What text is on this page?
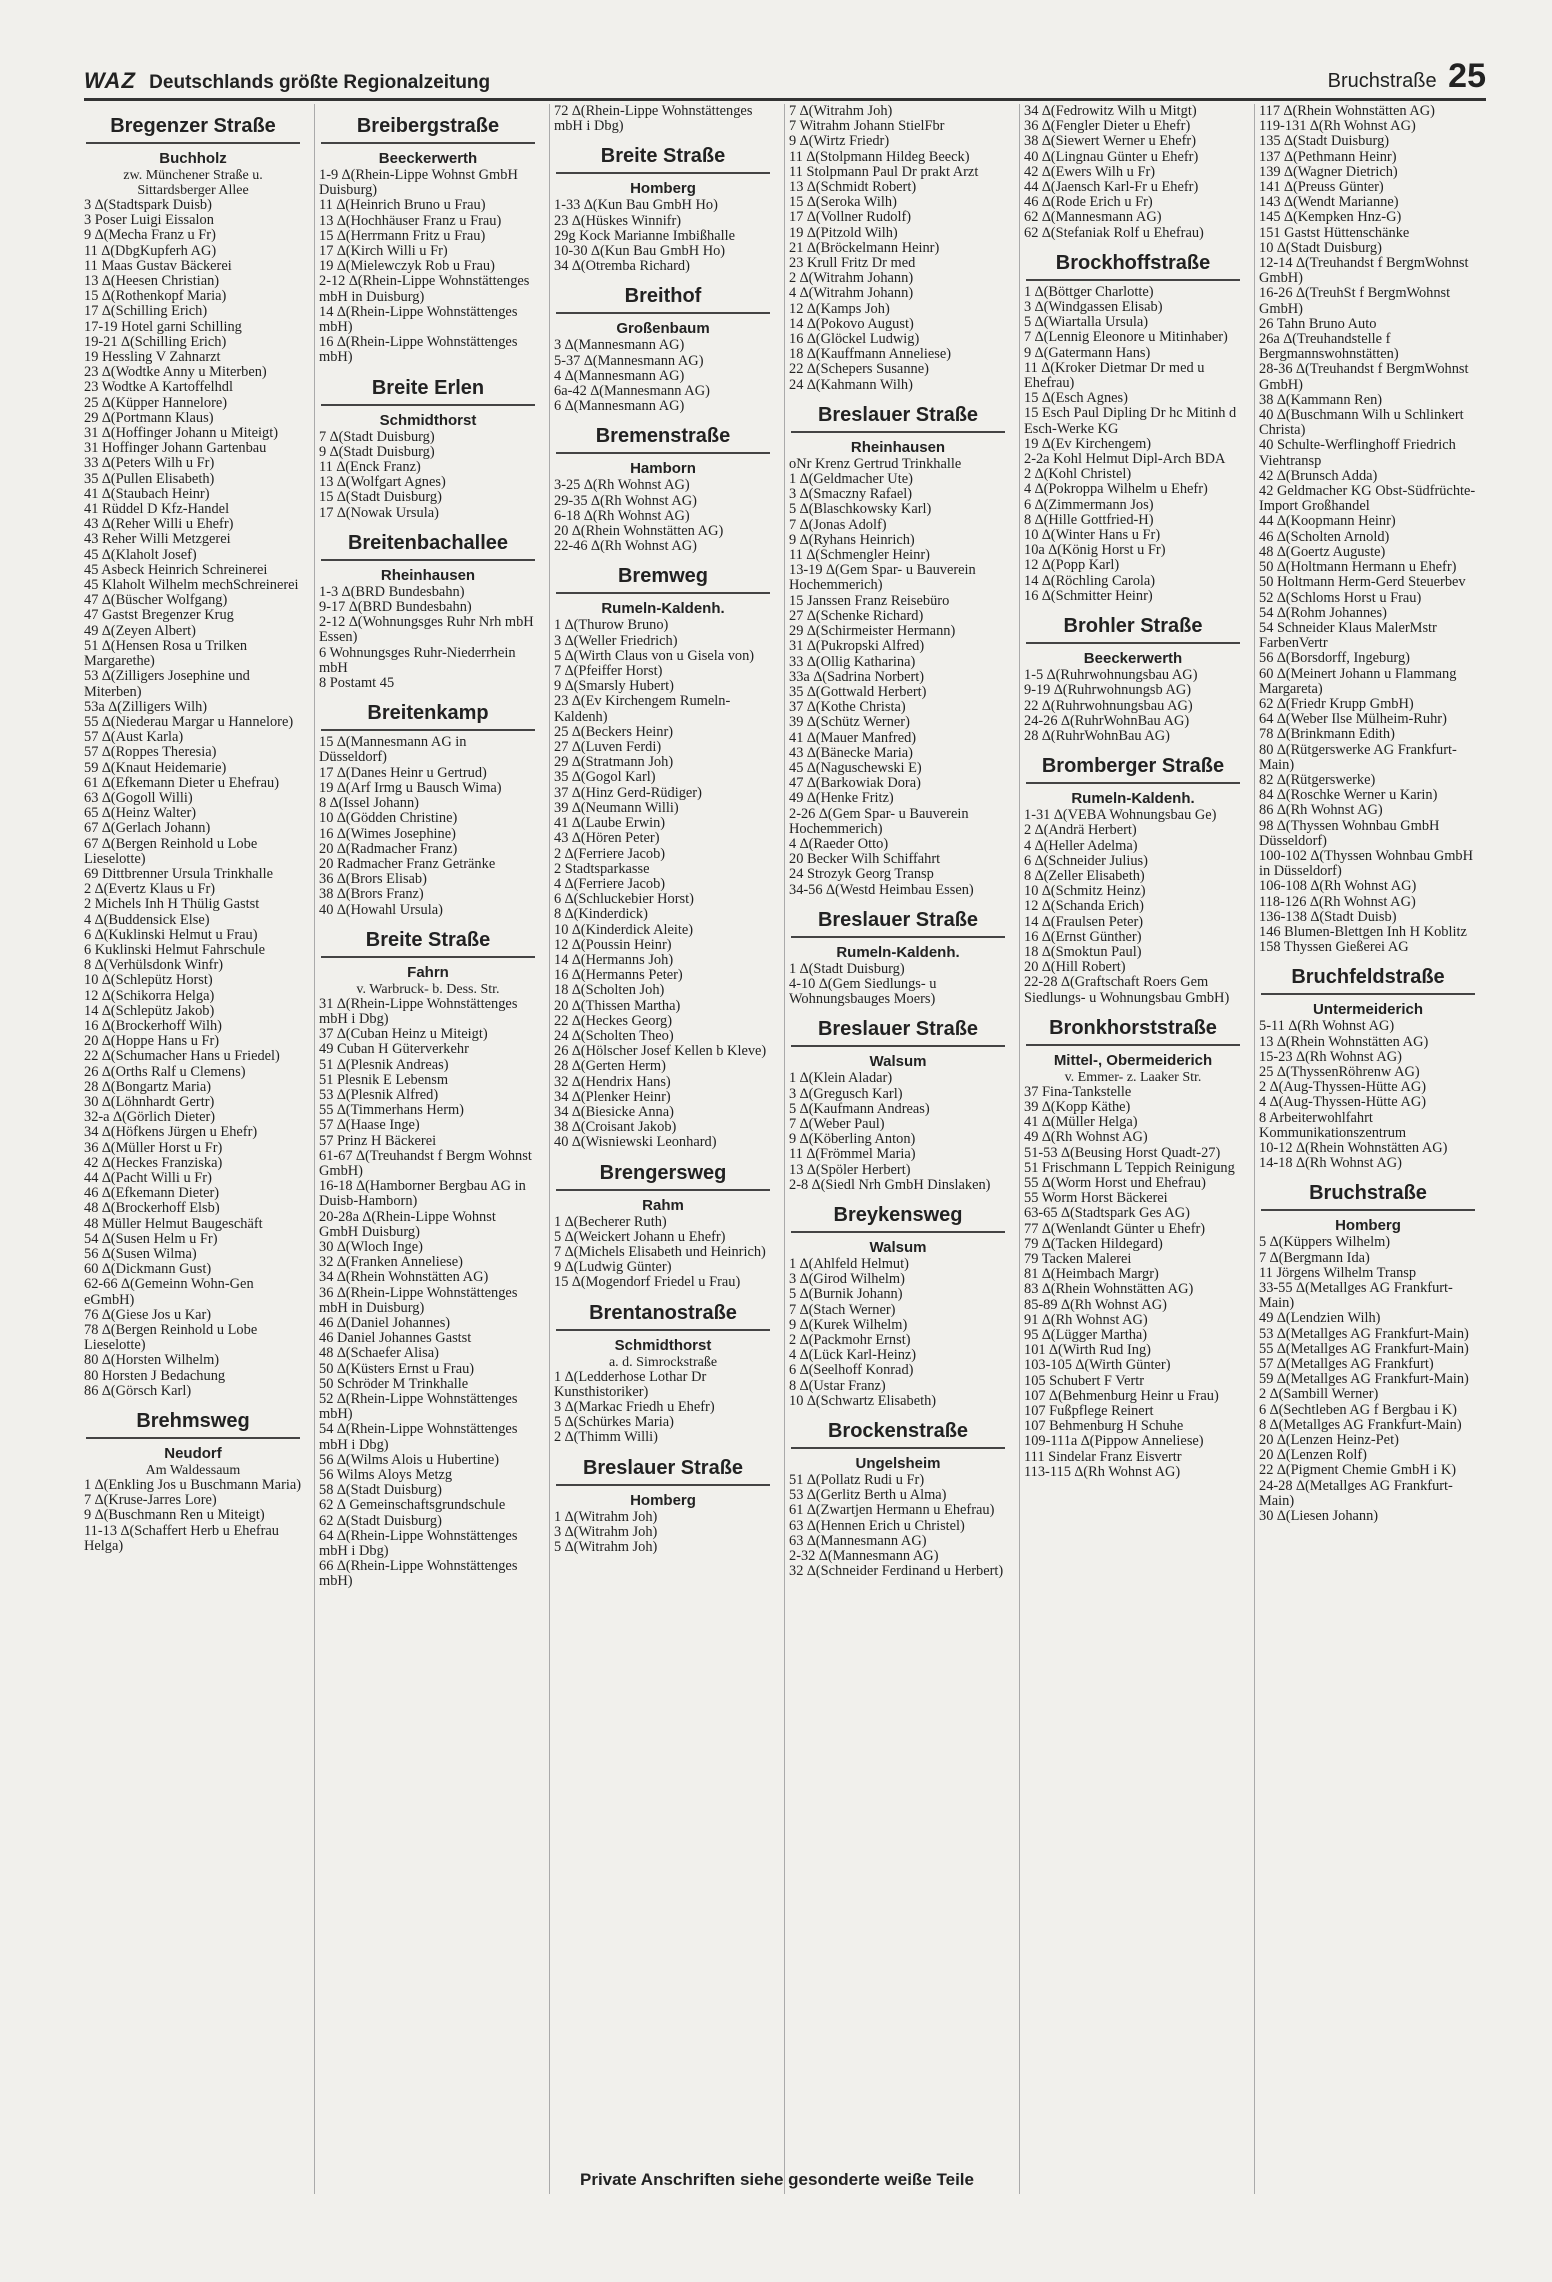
WAZ Deutschlands größte Regionalzeitung	Bruchstraße 25
Bregenzer Straße
Buchholz
zw. Münchener Straße u. Sittardsberger Allee
3 ∆(Stadtspark Duisb)
3 Poser Luigi Eissalon
9 ∆(Mecha Franz u Fr)
11 ∆(DbgKupferh AG)
11 Maas Gustav Bäckerei
13 ∆(Heesen Christian)
15 ∆(Rothenkopf Maria)
17 ∆(Schilling Erich)
17-19 Hotel garni Schilling
19-21 ∆(Schilling Erich)
19 Hessling V Zahnarzt
23 ∆(Wodtke Anny u Miterben)
23 Wodtke A Kartoffelhdl
25 ∆(Küpper Hannelore)
29 ∆(Portmann Klaus)
31 ∆(Hoffinger Johann u Miteigt)
31 Hoffinger Johann Gartenbau
33 ∆(Peters Wilh u Fr)
35 ∆(Pullen Elisabeth)
41 ∆(Staubach Heinr)
41 Rüddel D Kfz-Handel
43 ∆(Reher Willi u Ehefr)
43 Reher Willi Metzgerei
45 ∆(Klaholt Josef)
45 Asbeck Heinrich Schreinerei
45 Klaholt Wilhelm mechSchreinerei
47 ∆(Büscher Wolfgang)
47 Gastst Bregenzer Krug
49 ∆(Zeyen Albert)
51 ∆(Hensen Rosa u Trilken Margarethe)
53 ∆(Zilligers Josephine und Miterben)
53a ∆(Zilligers Wilh)
55 ∆(Niederau Margar u Hannelore)
57 ∆(Aust Karla)
57 ∆(Roppes Theresia)
59 ∆(Knaut Heidemarie)
61 ∆(Efkemann Dieter u Ehefrau)
63 ∆(Gogoll Willi)
65 ∆(Heinz Walter)
67 ∆(Gerlach Johann)
67 ∆(Bergen Reinhold u Lobe Lieselotte)
69 Dittbrenner Ursula Trinkhalle
2 ∆(Evertz Klaus u Fr)
2 Michels Inh H Thülig Gastst
4 ∆(Buddensick Else)
6 ∆(Kuklinski Helmut u Frau)
6 Kuklinski Helmut Fahrschule
8 ∆(Verhülsdonk Winfr)
10 ∆(Schlepütz Horst)
12 ∆(Schikorra Helga)
14 ∆(Schlepütz Jakob)
16 ∆(Brockerhoff Wilh)
20 ∆(Hoppe Hans u Fr)
22 ∆(Schumacher Hans u Friedel)
26 ∆(Orths Ralf u Clemens)
28 ∆(Bongartz Maria)
30 ∆(Löhnhardt Gertr)
32-a ∆(Görlich Dieter)
34 ∆(Höfkens Jürgen u Ehefr)
36 ∆(Müller Horst u Fr)
42 ∆(Heckes Franziska)
44 ∆(Pacht Willi u Fr)
46 ∆(Efkemann Dieter)
48 ∆(Brockerhoff Elsb)
48 Müller Helmut Baugeschäft
54 ∆(Susen Helm u Fr)
56 ∆(Susen Wilma)
60 ∆(Dickmann Gust)
62-66 ∆(Gemeinn Wohn-Gen eGmbH)
76 ∆(Giese Jos u Kar)
78 ∆(Bergen Reinhold u Lobe Lieselotte)
80 ∆(Horsten Wilhelm)
80 Horsten J Bedachung
86 ∆(Görsch Karl)
Brehmsweg
Neudorf
Am Waldessaum
1 ∆(Enkling Jos u Buschmann Maria)
7 ∆(Kruse-Jarres Lore)
9 ∆(Buschmann Ren u Miteigt)
11-13 ∆(Schaffert Herb u Ehefrau Helga)
Breibergstraße
Beeckerwerth
1-9 ∆(Rhein-Lippe Wohnst GmbH Duisburg)
11 ∆(Heinrich Bruno u Frau)
13 ∆(Hochhäuser Franz u Frau)
15 ∆(Herrmann Fritz u Frau)
17 ∆(Kirch Willi u Fr)
19 ∆(Mielewczyk Rob u Frau)
2-12 ∆(Rhein-Lippe Wohnstättenges mbH in Duisburg)
14 ∆(Rhein-Lippe Wohnstättenges mbH)
16 ∆(Rhein-Lippe Wohnstättenges mbH)
Breite Erlen
Schmidthorst
7 ∆(Stadt Duisburg)
9 ∆(Stadt Duisburg)
11 ∆(Enck Franz)
13 ∆(Wolfgart Agnes)
15 ∆(Stadt Duisburg)
17 ∆(Nowak Ursula)
Breitenbachallee
Rheinhausen
1-3 ∆(BRD Bundesbahn)
9-17 ∆(BRD Bundesbahn)
2-12 ∆(Wohnungsges Ruhr Nrh mbH Essen)
6 Wohnungsges Ruhr-Niederrhein mbH
8 Postamt 45
Breitenkamp
15 ∆(Mannesmann AG in Düsseldorf)
17 ∆(Danes Heinr u Gertrud)
19 ∆(Arf Irmg u Bausch Wima)
8 ∆(Issel Johann)
10 ∆(Gödden Christine)
16 ∆(Wimes Josephine)
20 ∆(Radmacher Franz)
20 Radmacher Franz Getränke
36 ∆(Brors Elisab)
38 ∆(Brors Franz)
40 ∆(Howahl Ursula)
Breite Straße
Fahrn
v. Warbruck- b. Dess. Str.
31 ∆(Rhein-Lippe Wohnstättenges mbH i Dbg)
37 ∆(Cuban Heinz u Miteigt)
49 Cuban H Güterverkehr
51 ∆(Plesnik Andreas)
51 Plesnik E Lebensm
53 ∆(Plesnik Alfred)
55 ∆(Timmerhans Herm)
57 ∆(Haase Inge)
57 Prinz H Bäckerei
61-67 ∆(Treuhandst f Bergm Wohnst GmbH)
16-18 ∆(Hamborner Bergbau AG in Duisb-Hamborn)
20-28a ∆(Rhein-Lippe Wohnst GmbH Duisburg)
30 ∆(Wloch Inge)
32 ∆(Franken Anneliese)
34 ∆(Rhein Wohnstätten AG)
36 ∆(Rhein-Lippe Wohnstättenges mbH in Duisburg)
46 ∆(Daniel Johannes)
46 Daniel Johannes Gastst
48 ∆(Schaefer Alisa)
50 ∆(Küsters Ernst u Frau)
50 Schröder M Trinkhalle
52 ∆(Rhein-Lippe Wohnstättenges mbH)
54 ∆(Rhein-Lippe Wohnstättenges mbH i Dbg)
56 ∆(Wilms Alois u Hubertine)
56 Wilms Aloys Metzg
58 ∆(Stadt Duisburg)
62 ∆ Gemeinschaftsgrundschule
62 ∆(Stadt Duisburg)
64 ∆(Rhein-Lippe Wohnstättenges mbH i Dbg)
66 ∆(Rhein-Lippe Wohnstättenges mbH)
72 ∆(Rhein-Lippe Wohnstättenges mbH i Dbg)
Breite Straße
Homberg
1-33 ∆(Kun Bau GmbH Ho)
23 ∆(Hüskes Winnifr)
29g Kock Marianne Imbißhalle
10-30 ∆(Kun Bau GmbH Ho)
34 ∆(Otremba Richard)
Breithof
Großenbaum
3 ∆(Mannesmann AG)
5-37 ∆(Mannesmann AG)
4 ∆(Mannesmann AG)
6a-42 ∆(Mannesmann AG)
6 ∆(Mannesmann AG)
Bremenstraße
Hamborn
3-25 ∆(Rh Wohnst AG)
29-35 ∆(Rh Wohnst AG)
6-18 ∆(Rh Wohnst AG)
20 ∆(Rhein Wohnstätten AG)
22-46 ∆(Rh Wohnst AG)
Bremweg
Rumeln-Kaldenh.
1 ∆(Thurow Bruno)
3 ∆(Weller Friedrich)
5 ∆(Wirth Claus von u Gisela von)
7 ∆(Pfeiffer Horst)
9 ∆(Smarsly Hubert)
23 ∆(Ev Kirchengem Rumeln-Kaldenh)
25 ∆(Beckers Heinr)
27 ∆(Luven Ferdi)
29 ∆(Stratmann Joh)
35 ∆(Gogol Karl)
37 ∆(Hinz Gerd-Rüdiger)
39 ∆(Neumann Willi)
41 ∆(Laube Erwin)
43 ∆(Hören Peter)
2 ∆(Ferriere Jacob)
2 Stadtsparkasse
4 ∆(Ferriere Jacob)
6 ∆(Schluckebier Horst)
8 ∆(Kinderdick)
10 ∆(Kinderdick Aleite)
12 ∆(Poussin Heinr)
14 ∆(Hermanns Joh)
16 ∆(Hermanns Peter)
18 ∆(Scholten Joh)
20 ∆(Thissen Martha)
22 ∆(Heckes Georg)
24 ∆(Scholten Theo)
26 ∆(Hölscher Josef Kellen b Kleve)
28 ∆(Gerten Herm)
32 ∆(Hendrix Hans)
34 ∆(Plenker Heinr)
34 ∆(Biesicke Anna)
38 ∆(Croisant Jakob)
40 ∆(Wisniewski Leonhard)
Brengersweg
Rahm
1 ∆(Becherer Ruth)
5 ∆(Weickert Johann u Ehefr)
7 ∆(Michels Elisabeth und Heinrich)
9 ∆(Ludwig Günter)
15 ∆(Mogendorf Friedel u Frau)
Brentanostraße
Schmidthorst
a. d. Simrockstraße
1 ∆(Ledderhose Lothar Dr Kunsthistoriker)
3 ∆(Markac Friedh u Ehefr)
5 ∆(Schürkes Maria)
2 ∆(Thimm Willi)
Breslauer Straße
Homberg
1 ∆(Witrahm Joh)
3 ∆(Witrahm Joh)
5 ∆(Witrahm Joh)
7 ∆(Witrahm Joh)
7 Witrahm Johann StielFbr
9 ∆(Wirtz Friedr)
11 ∆(Stolpmann Hildeg Beeck)
11 Stolpmann Paul Dr prakt Arzt
13 ∆(Schmidt Robert)
15 ∆(Seroka Wilh)
17 ∆(Vollner Rudolf)
19 ∆(Pitzold Wilh)
21 ∆(Bröckelmann Heinr)
23 Krull Fritz Dr med
2 ∆(Witrahm Johann)
4 ∆(Witrahm Johann)
12 ∆(Kamps Joh)
14 ∆(Pokovo August)
16 ∆(Glöckel Ludwig)
18 ∆(Kauffmann Anneliese)
22 ∆(Schepers Susanne)
24 ∆(Kahmann Wilh)
Breslauer Straße
Rheinhausen
oNr Krenz Gertrud Trinkhalle
1 ∆(Geldmacher Ute)
3 ∆(Smaczny Rafael)
5 ∆(Blaschkowsky Karl)
7 ∆(Jonas Adolf)
9 ∆(Ryhans Heinrich)
11 ∆(Schmengler Heinr)
13-19 ∆(Gem Spar- u Bauverein Hochemmerich)
15 Janssen Franz Reisebüro
27 ∆(Schenke Richard)
29 ∆(Schirmeister Hermann)
31 ∆(Pukropski Alfred)
33 ∆(Ollig Katharina)
33a ∆(Sadrina Norbert)
35 ∆(Gottwald Herbert)
37 ∆(Kothe Christa)
39 ∆(Schütz Werner)
41 ∆(Mauer Manfred)
43 ∆(Bänecke Maria)
45 ∆(Naguschewski E)
47 ∆(Barkowiak Dora)
49 ∆(Henke Fritz)
2-26 ∆(Gem Spar- u Bauverein Hochemmerich)
4 ∆(Raeder Otto)
20 Becker Wilh Schiffahrt
24 Strozyk Georg Transp
34-56 ∆(Westd Heimbau Essen)
Breslauer Straße
Rumeln-Kaldenh.
1 ∆(Stadt Duisburg)
4-10 ∆(Gem Siedlungs- u Wohnungsbauges Moers)
Breslauer Straße
Walsum
1 ∆(Klein Aladar)
3 ∆(Gregusch Karl)
5 ∆(Kaufmann Andreas)
7 ∆(Weber Paul)
9 ∆(Köberling Anton)
11 ∆(Frömmel Maria)
13 ∆(Spöler Herbert)
2-8 ∆(Siedl Nrh GmbH Dinslaken)
Breykensweg
Walsum
1 ∆(Ahlfeld Helmut)
3 ∆(Girod Wilhelm)
5 ∆(Burnik Johann)
7 ∆(Stach Werner)
9 ∆(Kurek Wilhelm)
2 ∆(Packmohr Ernst)
4 ∆(Lück Karl-Heinz)
6 ∆(Seelhoff Konrad)
8 ∆(Ustar Franz)
10 ∆(Schwartz Elisabeth)
Brockenstraße
Ungelsheim
51 ∆(Pollatz Rudi u Fr)
53 ∆(Gerlitz Berth u Alma)
61 ∆(Zwartjen Hermann u Ehefrau)
63 ∆(Hennen Erich u Christel)
63 ∆(Mannesmann AG)
2-32 ∆(Mannesmann AG)
32 ∆(Schneider Ferdinand u Herbert)
34 ∆(Fedrowitz Wilh u Mitgt)
36 ∆(Fengler Dieter u Ehefr)
38 ∆(Siewert Werner u Ehefr)
40 ∆(Lingnau Günter u Ehefr)
42 ∆(Ewers Wilh u Fr)
44 ∆(Jaensch Karl-Fr u Ehefr)
46 ∆(Rode Erich u Fr)
62 ∆(Mannesmann AG)
62 ∆(Stefaniak Rolf u Ehefrau)
Brockhoffstraße
1 ∆(Böttger Charlotte)
3 ∆(Windgassen Elisab)
5 ∆(Wiartalla Ursula)
7 ∆(Lennig Eleonore u Mitinhaber)
9 ∆(Gatermann Hans)
11 ∆(Kroker Dietmar Dr med u Ehefrau)
15 ∆(Esch Agnes)
15 Esch Paul Dipling Dr hc Mitinh d Esch-Werke KG
19 ∆(Ev Kirchengem)
2-2a Kohl Helmut Dipl-Arch BDA
2 ∆(Kohl Christel)
4 ∆(Pokroppa Wilhelm u Ehefr)
6 ∆(Zimmermann Jos)
8 ∆(Hille Gottfried-H)
10 ∆(Winter Hans u Fr)
10a ∆(König Horst u Fr)
12 ∆(Popp Karl)
14 ∆(Röchling Carola)
16 ∆(Schmitter Heinr)
Brohler Straße
Beeckerwerth
1-5 ∆(Ruhrwohnungsbau AG)
9-19 ∆(Ruhrwohnungsb AG)
22 ∆(Ruhrwohnungsbau AG)
24-26 ∆(RuhrWohnBau AG)
28 ∆(RuhrWohnBau AG)
Bromberger Straße
Rumeln-Kaldenh.
1-31 ∆(VEBA Wohnungsbau Ge)
2 ∆(Andrä Herbert)
4 ∆(Heller Adelma)
6 ∆(Schneider Julius)
8 ∆(Zeller Elisabeth)
10 ∆(Schmitz Heinz)
12 ∆(Schanda Erich)
14 ∆(Fraulsen Peter)
16 ∆(Ernst Günther)
18 ∆(Smoktun Paul)
20 ∆(Hill Robert)
22-28 ∆(Graftschaft Roers Gem Siedlungs- u Wohnungsbau GmbH)
Bronkhorststraße
Mittel-, Obermeiderich
v. Emmer- z. Laaker Str.
37 Fina-Tankstelle
39 ∆(Kopp Käthe)
41 ∆(Müller Helga)
49 ∆(Rh Wohnst AG)
51-53 ∆(Beusing Horst Quadt-27)
51 Frischmann L Teppich Reinigung
55 ∆(Worm Horst und Ehefrau)
55 Worm Horst Bäckerei
63-65 ∆(Stadtspark Ges AG)
77 ∆(Wenlandt Günter u Ehefr)
79 ∆(Tacken Hildegard)
79 Tacken Malerei
81 ∆(Heimbach Margr)
83 ∆(Rhein Wohnstätten AG)
85-89 ∆(Rh Wohnst AG)
91 ∆(Rh Wohnst AG)
95 ∆(Lügger Martha)
101 ∆(Wirth Rud Ing)
103-105 ∆(Wirth Günter)
105 Schubert F Vertr
107 ∆(Behmenburg Heinr u Frau)
107 Fußpflege Reinert
107 Behmenburg H Schuhe
109-111a ∆(Pippow Anneliese)
111 Sindelar Franz Eisvertr
113-115 ∆(Rh Wohnst AG)
117 ∆(Rhein Wohnstätten AG)
119-131 ∆(Rh Wohnst AG)
135 ∆(Stadt Duisburg)
137 ∆(Pethmann Heinr)
139 ∆(Wagner Dietrich)
141 ∆(Preuss Günter)
143 ∆(Wendt Marianne)
145 ∆(Kempken Hnz-G)
151 Gastst Hüttenschänke
10 ∆(Stadt Duisburg)
12-14 ∆(Treuhandst f BergmWohnst GmbH)
16-26 ∆(TreuhSt f BergmWohnst GmbH)
26 Tahn Bruno Auto
26a ∆(Treuhandstelle f Bergmannswohnstätten)
28-36 ∆(Treuhandst f BergmWohnst GmbH)
38 ∆(Kammann Ren)
40 ∆(Buschmann Wilh u Schlinkert Christa)
40 Schulte-Werflinghoff Friedrich Viehtransp
42 ∆(Brunsch Adda)
42 Geldmacher KG Obst-Südfrüchte-Import Großhandel
44 ∆(Koopmann Heinr)
46 ∆(Scholten Arnold)
48 ∆(Goertz Auguste)
50 ∆(Holtmann Hermann u Ehefr)
50 Holtmann Herm-Gerd Steuerbev
52 ∆(Schloms Horst u Frau)
54 ∆(Rohm Johannes)
54 Schneider Klaus MalerMstr FarbenVertr
56 ∆(Borsdorff, Ingeburg)
60 ∆(Meinert Johann u Flammang Margareta)
62 ∆(Friedr Krupp GmbH)
64 ∆(Weber Ilse Mülheim-Ruhr)
78 ∆(Brinkmann Edith)
80 ∆(Rütgerswerke AG Frankfurt-Main)
82 ∆(Rütgerswerke)
84 ∆(Roschke Werner u Karin)
86 ∆(Rh Wohnst AG)
98 ∆(Thyssen Wohnbau GmbH Düsseldorf)
100-102 ∆(Thyssen Wohnbau GmbH in Düsseldorf)
106-108 ∆(Rh Wohnst AG)
118-126 ∆(Rh Wohnst AG)
136-138 ∆(Stadt Duisb)
146 Blumen-Blettgen Inh H Koblitz
158 Thyssen Gießerei AG
Bruchfeldstraße
Untermeiderich
5-11 ∆(Rh Wohnst AG)
13 ∆(Rhein Wohnstätten AG)
15-23 ∆(Rh Wohnst AG)
25 ∆(ThyssenRöhrenw AG)
2 ∆(Aug-Thyssen-Hütte AG)
4 ∆(Aug-Thyssen-Hütte AG)
8 Arbeiterwohlfahrt Kommunikationszentrum
10-12 ∆(Rhein Wohnstätten AG)
14-18 ∆(Rh Wohnst AG)
Bruchstraße
Homberg
5 ∆(Küppers Wilhelm)
7 ∆(Bergmann Ida)
11 Jörgens Wilhelm Transp
33-55 ∆(Metallges AG Frankfurt-Main)
49 ∆(Lendzien Wilh)
53 ∆(Metallges AG Frankfurt-Main)
55 ∆(Metallges AG Frankfurt-Main)
57 ∆(Metallges AG Frankfurt)
59 ∆(Metallges AG Frankfurt-Main)
2 ∆(Sambill Werner)
6 ∆(Sechtleben AG f Bergbau i K)
8 ∆(Metallges AG Frankfurt-Main)
20 ∆(Lenzen Heinz-Pet)
20 ∆(Lenzen Rolf)
22 ∆(Pigment Chemie GmbH i K)
24-28 ∆(Metallges AG Frankfurt-Main)
30 ∆(Liesen Johann)
Private Anschriften siehe gesonderte weiße Teile
